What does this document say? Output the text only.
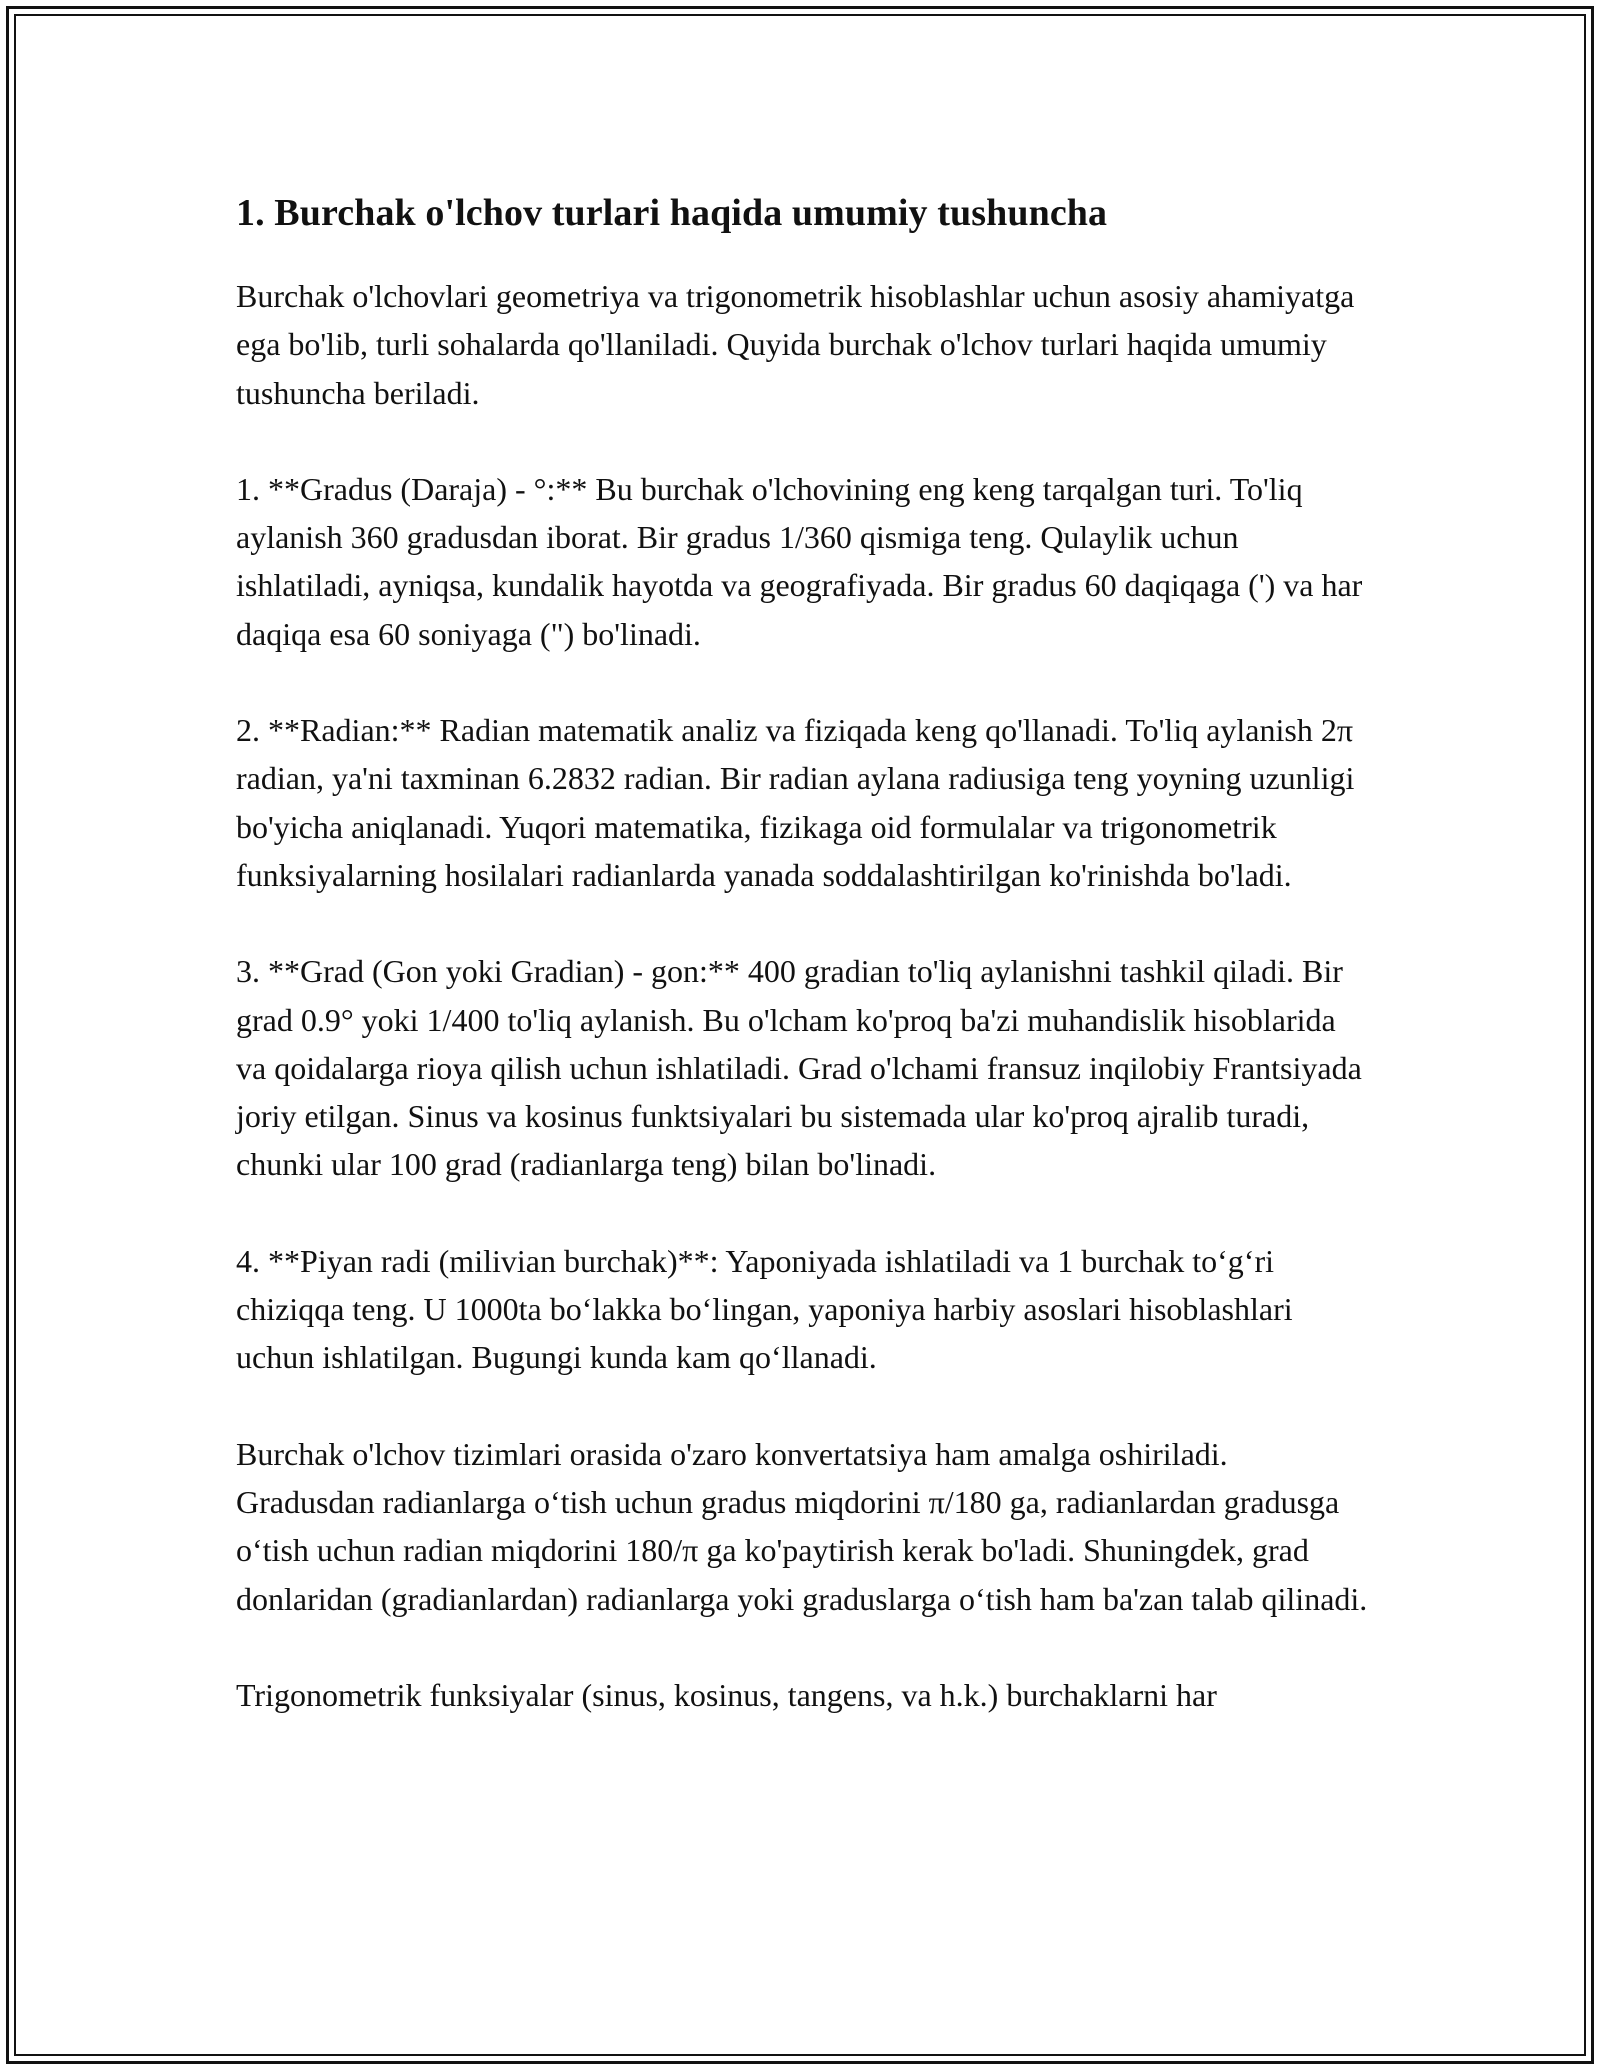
1. Burchak o'lchov turlari haqida umumiy tushuncha

Burchak o'lchovlari geometriya va trigonometrik hisoblashlar uchun asosiy ahamiyatga ega bo'lib, turli sohalarda qo'llaniladi. Quyida burchak o'lchov turlari haqida umumiy tushuncha beriladi.

1. **Gradus (Daraja) - °:** Bu burchak o'lchovining eng keng tarqalgan turi. To'liq aylanish 360 gradusdan iborat. Bir gradus 1/360 qismiga teng. Qulaylik uchun ishlatiladi, ayniqsa, kundalik hayotda va geografiyada. Bir gradus 60 daqiqaga (') va har daqiqa esa 60 soniyaga (") bo'linadi.

2. **Radian:** Radian matematik analiz va fiziqada keng qo'llanadi. To'liq aylanish 2π radian, ya'ni taxminan 6.2832 radian. Bir radian aylana radiusiga teng yoyning uzunligi bo'yicha aniqlanadi. Yuqori matematika, fizikaga oid formulalar va trigonometrik funksiyalarning hosilalari radianlarda yanada soddalashtirilgan ko'rinishda bo'ladi.

3. **Grad (Gon yoki Gradian) - gon:** 400 gradian to'liq aylanishni tashkil qiladi. Bir grad 0.9° yoki 1/400 to'liq aylanish. Bu o'lcham ko'proq ba'zi muhandislik hisoblarida va qoidalarga rioya qilish uchun ishlatiladi. Grad o'lchami fransuz inqilobiy Frantsiyada joriy etilgan. Sinus va kosinus funktsiyalari bu sistemada ular ko'proq ajralib turadi, chunki ular 100 grad (radianlarga teng) bilan bo'linadi.

4. **Piyan radi (milivian burchak)**: Yaponiyada ishlatiladi va 1 burchak to‘g‘ri chiziqqa teng. U 1000ta bo‘lakka bo‘lingan, yaponiya harbiy asoslari hisoblashlari uchun ishlatilgan. Bugungi kunda kam qo‘llanadi.

Burchak o'lchov tizimlari orasida o'zaro konvertatsiya ham amalga oshiriladi. Gradusdan radianlarga o‘tish uchun gradus miqdorini π/180 ga, radianlardan gradusga o‘tish uchun radian miqdorini 180/π ga ko'paytirish kerak bo'ladi. Shuningdek, grad donlaridan (gradianlardan) radianlarga yoki graduslarga o‘tish ham ba'zan talab qilinadi.

Trigonometrik funksiyalar (sinus, kosinus, tangens, va h.k.) burchaklarni har
